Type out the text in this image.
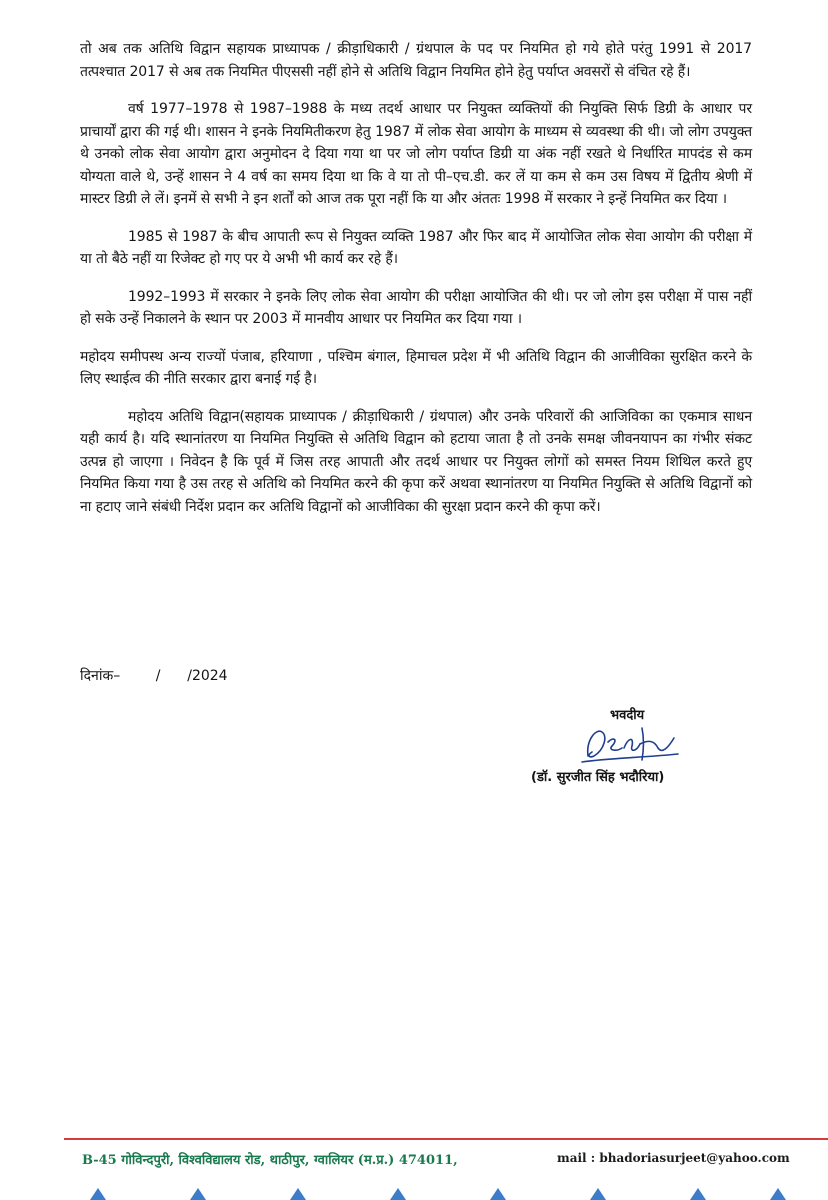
तो अब तक अतिथि विद्वान सहायक प्राध्यापक / क्रीड़ाधिकारी / ग्रंथपाल के पद पर नियमित हो गये होते परंतु 1991 से 2017 तत्पश्चात 2017 से अब तक नियमित पीएससी नहीं होने से अतिथि विद्वान नियमित होने हेतु पर्याप्त अवसरों से वंचित रहे हैं।

वर्ष 1977–1978 से 1987–1988 के मध्य तदर्थ आधार पर नियुक्त व्यक्तियों की नियुक्ति सिर्फ डिग्री के आधार पर प्राचार्यों द्वारा की गई थी। शासन ने इनके नियमितीकरण हेतु 1987 में लोक सेवा आयोग के माध्यम से व्यवस्था की थी। जो लोग उपयुक्त थे उनको लोक सेवा आयोग द्वारा अनुमोदन दे दिया गया था पर जो लोग पर्याप्त डिग्री या अंक नहीं रखते थे निर्धारित मापदंड से कम योग्यता वाले थे, उन्हें शासन ने 4 वर्ष का समय दिया था कि वे या तो पी–एच.डी. कर लें या कम से कम उस विषय में द्वितीय श्रेणी में मास्टर डिग्री ले लें। इनमें से सभी ने इन शर्तों को आज तक पूरा नहीं कि या और अंततः 1998 में सरकार ने इन्हें नियमित कर दिया ।

1985 से 1987 के बीच आपाती रूप से नियुक्त व्यक्ति 1987 और फिर बाद में आयोजित लोक सेवा आयोग की परीक्षा में या तो बैठे नहीं या रिजेक्ट हो गए पर ये अभी भी कार्य कर रहे हैं।

1992–1993 में सरकार ने इनके लिए लोक सेवा आयोग की परीक्षा आयोजित की थी। पर जो लोग इस परीक्षा में पास नहीं हो सके उन्हें निकालने के स्थान पर 2003 में मानवीय आधार पर नियमित कर दिया गया ।

महोदय समीपस्थ अन्य राज्यों पंजाब, हरियाणा , पश्चिम बंगाल, हिमाचल प्रदेश में भी अतिथि विद्वान की आजीविका सुरक्षित करने के लिए स्थाईत्व की नीति सरकार द्वारा बनाई गई है।

महोदय अतिथि विद्वान(सहायक प्राध्यापक / क्रीड़ाधिकारी / ग्रंथपाल) और उनके परिवारों की आजिविका का एकमात्र साधन यही कार्य है। यदि स्थानांतरण या नियमित नियुक्ति से अतिथि विद्वान को हटाया जाता है तो उनके समक्ष जीवनयापन का गंभीर संकट उत्पन्न हो जाएगा । निवेदन है कि पूर्व में जिस तरह आपाती और तदर्थ आधार पर नियुक्त लोगों को समस्त नियम शिथिल करते हुए नियमित किया गया है उस तरह से अतिथि को नियमित करने की कृपा करें अथवा स्थानांतरण या नियमित नियुक्ति से अतिथि विद्वानों को ना हटाए जाने संबंधी निर्देश प्रदान कर अतिथि विद्वानों को आजीविका की सुरक्षा प्रदान करने की कृपा करें।

दिनांक–        /      /2024
भवदीय
(डॉ. सुरजीत सिंह भदौरिया)
B-45 गोविन्दपुरी, विश्वविद्यालय रोड, थाठीपुर, ग्वालियर (म.प्र.) 474011,	mail : bhadoriasurjeet@yahoo.com
